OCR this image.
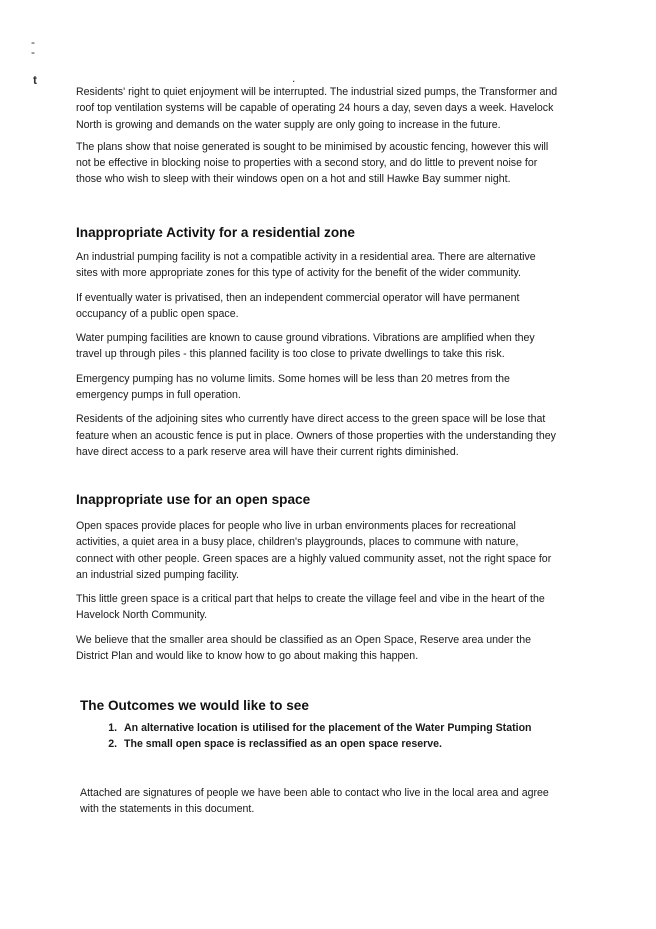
-
-
t	.

Residents' right to quiet enjoyment will be interrupted. The industrial sized pumps, the Transformer and roof top ventilation systems will be capable of operating 24 hours a day, seven days a week. Havelock North is growing and demands on the water supply are only going to increase in the future.

The plans show that noise generated is sought to be minimised by acoustic fencing, however this will not be effective in blocking noise to properties with a second story, and do little to prevent noise for those who wish to sleep with their windows open on a hot and still Hawke Bay summer night.

Inappropriate Activity for a residential zone

An industrial pumping facility is not a compatible activity in a residential area. There are alternative sites with more appropriate zones for this type of activity for the benefit of the wider community.

If eventually water is privatised, then an independent commercial operator will have permanent occupancy of a public open space.

Water pumping facilities are known to cause ground vibrations. Vibrations are amplified when they travel up through piles - this planned facility is too close to private dwellings to take this risk.

Emergency pumping has no volume limits. Some homes will be less than 20 metres from the emergency pumps in full operation.

Residents of the adjoining sites who currently have direct access to the green space will be lose that feature when an acoustic fence is put in place. Owners of those properties with the understanding they have direct access to a park reserve area will have their current rights diminished.

Inappropriate use for an open space

Open spaces provide places for people who live in urban environments places for recreational activities, a quiet area in a busy place, children's playgrounds, places to commune with nature, connect with other people. Green spaces are a highly valued community asset, not the right space for an industrial sized pumping facility.

This little green space is a critical part that helps to create the village feel and vibe in the heart of the Havelock North Community.

We believe that the smaller area should be classified as an Open Space, Reserve area under the District Plan and would like to know how to go about making this happen.

The Outcomes we would like to see
1. An alternative location is utilised for the placement of the Water Pumping Station
2. The small open space is reclassified as an open space reserve.

Attached are signatures of people we have been able to contact who live in the local area and agree with the statements in this document.
